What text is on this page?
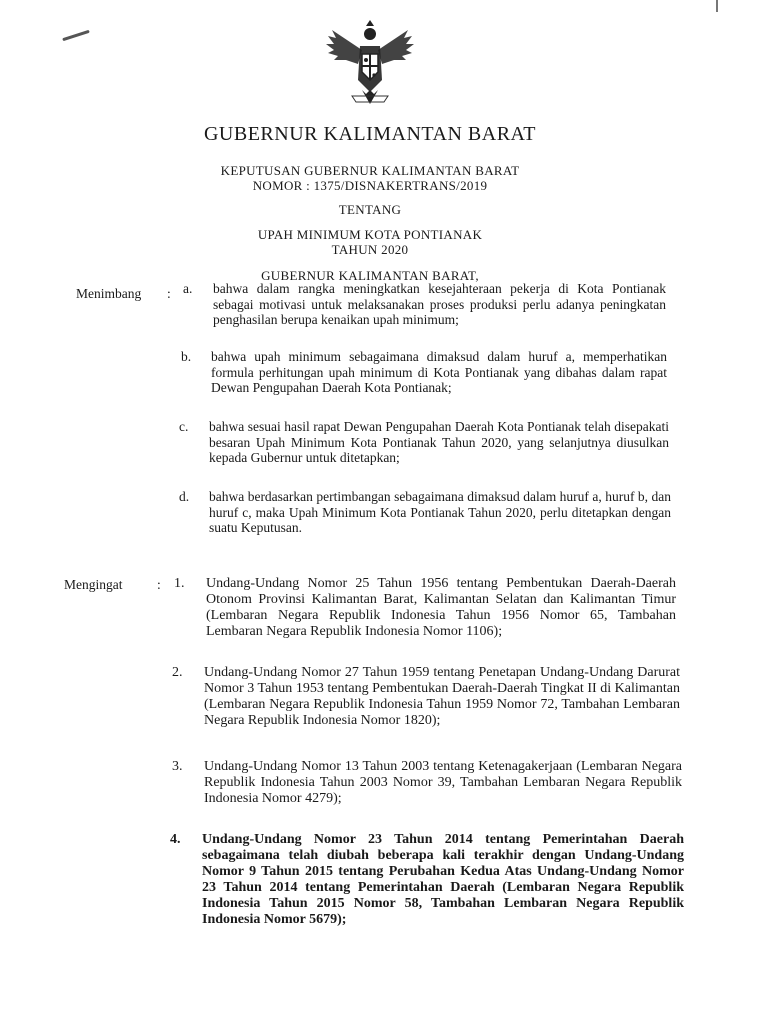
GUBERNUR KALIMANTAN BARAT
KEPUTUSAN GUBERNUR KALIMANTAN BARAT
NOMOR : 1375/DISNAKERTRANS/2019
TENTANG
UPAH MINIMUM KOTA PONTIANAK
TAHUN 2020
GUBERNUR KALIMANTAN BARAT,
Menimbang : a. bahwa dalam rangka meningkatkan kesejahteraan pekerja di Kota Pontianak sebagai motivasi untuk melaksanakan proses produksi perlu adanya peningkatan penghasilan berupa kenaikan upah minimum;
b. bahwa upah minimum sebagaimana dimaksud dalam huruf a, memperhatikan formula perhitungan upah minimum di Kota Pontianak yang dibahas dalam rapat Dewan Pengupahan Daerah Kota Pontianak;
c. bahwa sesuai hasil rapat Dewan Pengupahan Daerah Kota Pontianak telah disepakati besaran Upah Minimum Kota Pontianak Tahun 2020, yang selanjutnya diusulkan kepada Gubernur untuk ditetapkan;
d. bahwa berdasarkan pertimbangan sebagaimana dimaksud dalam huruf a, huruf b, dan huruf c, maka Upah Minimum Kota Pontianak Tahun 2020, perlu ditetapkan dengan suatu Keputusan.
Mengingat	: 1. Undang-Undang Nomor 25 Tahun 1956 tentang Pembentukan Daerah-Daerah Otonom Provinsi Kalimantan Barat, Kalimantan Selatan dan Kalimantan Timur (Lembaran Negara Republik Indonesia Tahun 1956 Nomor 65, Tambahan Lembaran Negara Republik Indonesia Nomor 1106);
2. Undang-Undang Nomor 27 Tahun 1959 tentang Penetapan Undang-Undang Darurat Nomor 3 Tahun 1953 tentang Pembentukan Daerah-Daerah Tingkat II di Kalimantan (Lembaran Negara Republik Indonesia Tahun 1959 Nomor 72, Tambahan Lembaran Negara Republik Indonesia Nomor 1820);
3. Undang-Undang Nomor 13 Tahun 2003 tentang Ketenagakerjaan (Lembaran Negara Republik Indonesia Tahun 2003 Nomor 39, Tambahan Lembaran Negara Republik Indonesia Nomor 4279);
4. Undang-Undang Nomor 23 Tahun 2014 tentang Pemerintahan Daerah sebagaimana telah diubah beberapa kali terakhir dengan Undang-Undang Nomor 9 Tahun 2015 tentang Perubahan Kedua Atas Undang-Undang Nomor 23 Tahun 2014 tentang Pemerintahan Daerah (Lembaran Negara Republik Indonesia Tahun 2015 Nomor 58, Tambahan Lembaran Negara Republik Indonesia Nomor 5679);
